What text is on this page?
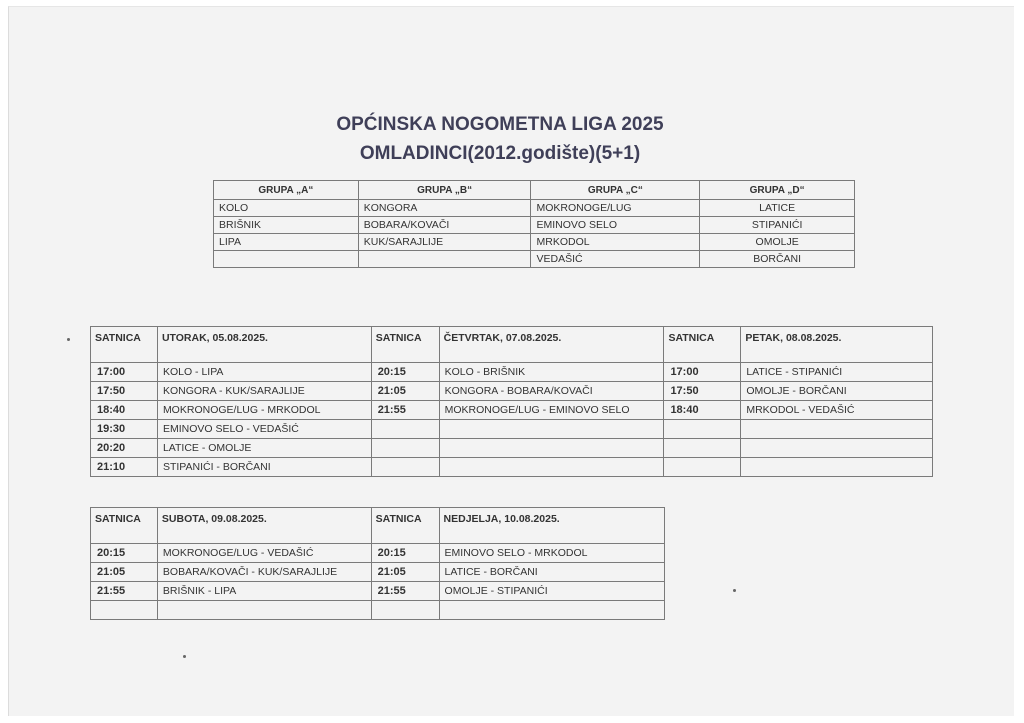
OPĆINSKA NOGOMETNA LIGA 2025
OMLADINCI(2012.godište)(5+1)
GRUPA „A“	GRUPA „B“	GRUPA „C“	GRUPA „D“
KOLO	KONGORA	MOKRONOGE/LUG	LATICE
BRIŠNIK	BOBARA/KOVAČI	EMINOVO SELO	STIPANIĆI
LIPA	KUK/SARAJLIJE	MRKODOL	OMOLJE
		VEDAŠIĆ	BORČANI
SATNICA	UTORAK, 05.08.2025.	SATNICA	ČETVRTAK, 07.08.2025.	SATNICA	PETAK, 08.08.2025.
17:00	KOLO - LIPA	20:15	KOLO - BRIŠNIK	17:00	LATICE - STIPANIĆI
17:50	KONGORA - KUK/SARAJLIJE	21:05	KONGORA - BOBARA/KOVAČI	17:50	OMOLJE - BORČANI
18:40	MOKRONOGE/LUG - MRKODOL	21:55	MOKRONOGE/LUG - EMINOVO SELO	18:40	MRKODOL - VEDAŠIĆ
19:30	EMINOVO SELO - VEDAŠIĆ				
20:20	LATICE - OMOLJE				
21:10	STIPANIĆI - BORČANI				
SATNICA	SUBOTA, 09.08.2025.	SATNICA	NEDJELJA, 10.08.2025.
20:15	MOKRONOGE/LUG - VEDAŠIĆ	20:15	EMINOVO SELO - MRKODOL
21:05	BOBARA/KOVAČI - KUK/SARAJLIJE	21:05	LATICE - BORČANI
21:55	BRIŠNIK - LIPA	21:55	OMOLJE - STIPANIĆI
